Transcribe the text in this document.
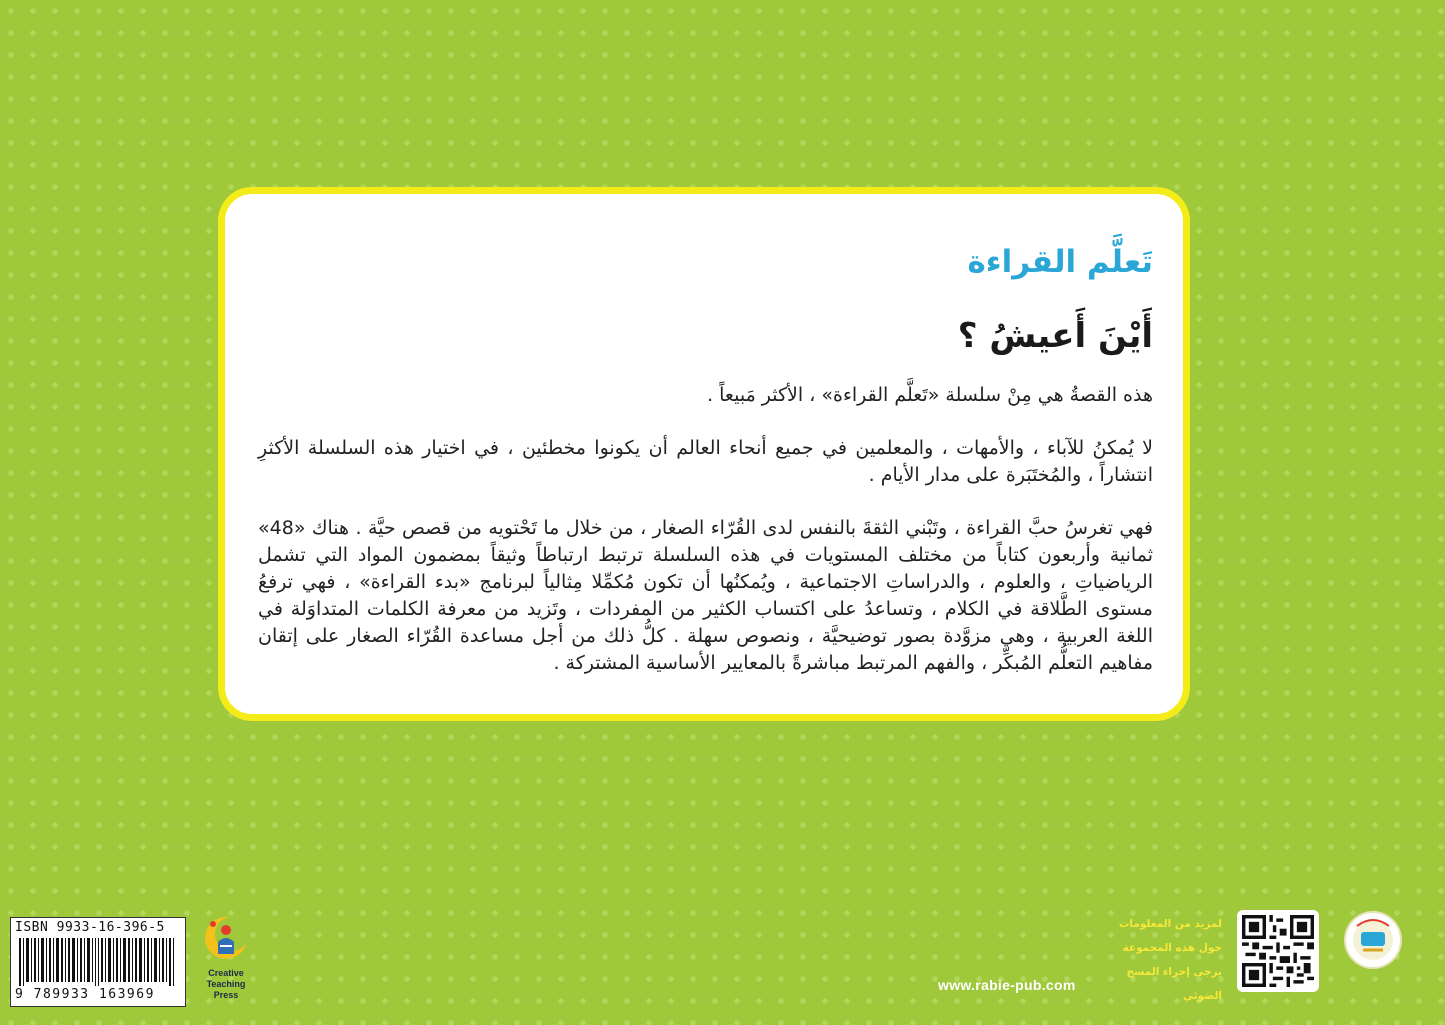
تَعلَّم القراءة
أَيْنَ أَعيشُ ؟

هذه القصةُ هي مِنْ سلسلة «تَعلَّم القراءة» ، الأكثر مَبيعاً .

لا يُمكنُ للآباء ، والأمهات ، والمعلمين في جميع أنحاء العالم أن يكونوا مخطئين ، في اختيار هذه السلسلة الأكثرِ انتشاراً ، والمُختَبَرة على مدار الأيام .

فهي تغرسُ حبَّ القراءة ، وتَبْني الثقةَ بالنفس لدى القُرّاء الصغار ، من خلال ما تَحْتويه من قصص حيَّة . هناك «48» ثمانية وأربعون كتاباً من مختلف المستويات في هذه السلسلة ترتبط ارتباطاً وثيقاً بمضمون المواد التي تشمل الرياضياتِ ، والعلوم ، والدراساتِ الاجتماعية ، ويُمكنُها أن تكون مُكمِّلا مِثالياً لبرنامج «بدء القراءة» ، فهي ترفعُ مستوى الطَّلاقة في الكلام ، وتساعدُ على اكتساب الكثير من المفردات ، وتَزيد من معرفة الكلمات المتداوَلة في اللغة العربية ، وهي مزوَّدة بصور توضيحيَّة ، ونصوص سهلة . كلُّ ذلك من أجل مساعدة القُرّاء الصغار على إتقان مفاهيم التعلُّم المُبكِّر ، والفهم المرتبط مباشرةً بالمعايير الأساسية المشتركة .

ISBN 9933-16-396-5
9 789933 163969
Creative
Teaching
Press
www.rabie-pub.com
لمزيد من المعلومات
حول هذه المجموعة
يرجى إجراء المسح
الضوئي
